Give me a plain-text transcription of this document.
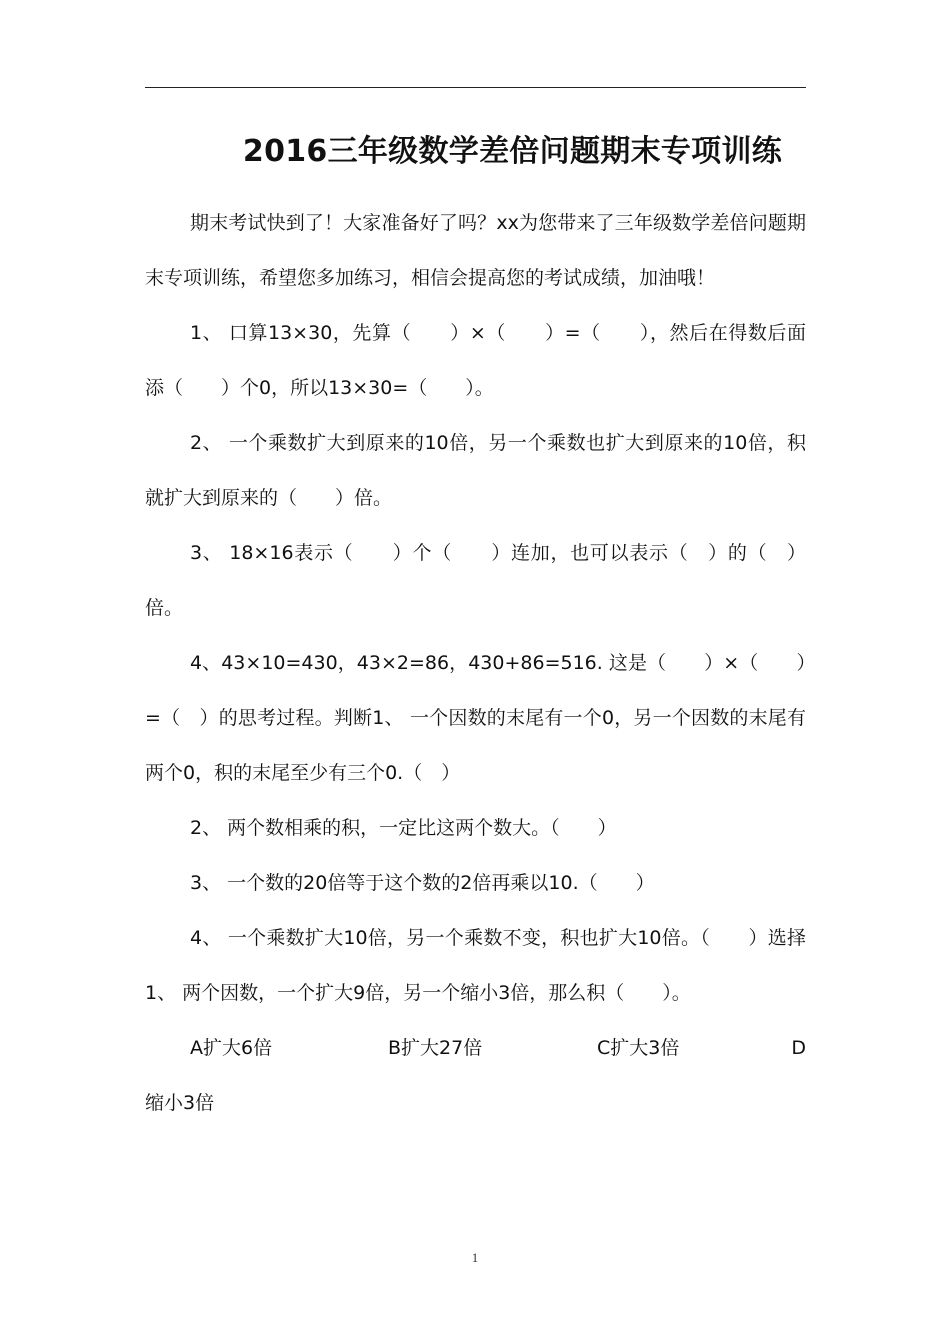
2016三年级数学差倍问题期末专项训练

期末考试快到了！大家准备好了吗？xx为您带来了三年级数学差倍问题期末专项训练，希望您多加练习，相信会提高您的考试成绩，加油哦！

1、 口算13×30，先算（　　）×（　　）=（　　），然后在得数后面添（　　）个0，所以13×30=（　　）。

2、 一个乘数扩大到原来的10倍，另一个乘数也扩大到原来的10倍，积就扩大到原来的（　　）倍。

3、 18×16表示（　　）个（　　）连加，也可以表示（　）的（　）倍。

4、43×10=430，43×2=86，430+86=516. 这是（　　）×（　　）=（　）的思考过程。判断1、 一个因数的末尾有一个0，另一个因数的末尾有两个0，积的末尾至少有三个0.（　）

2、 两个数相乘的积，一定比这两个数大。（　　）

3、 一个数的20倍等于这个数的2倍再乘以10.（　　）

4、 一个乘数扩大10倍，另一个乘数不变，积也扩大10倍。（　　）选择1、 两个因数，一个扩大9倍，另一个缩小3倍，那么积（　　）。

A扩大6倍	B扩大27倍	C扩大3倍	D

缩小3倍

1
